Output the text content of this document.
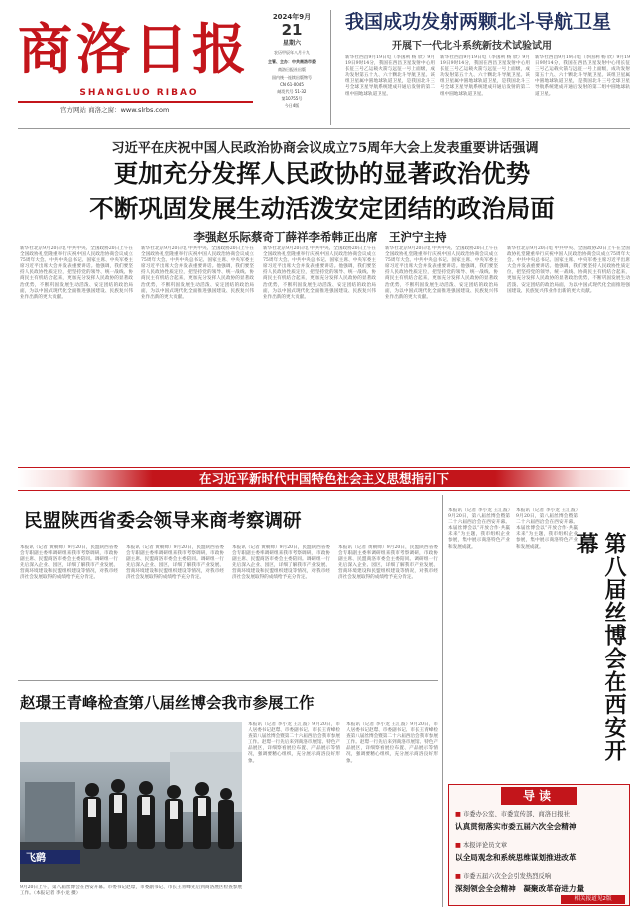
商洛日报
SHANGLUO RIBAO
官方网站 商洛之窗：www.slrbs.com
2024年9月
21
星期六
农历甲辰年八月十九
主管、主办：中共商洛市委
商洛日报社出版
国内统一连续出版物号
CN 61-0045
邮发代号 51-32
第10755号
今日4版
我国成功发射两颗北斗导航卫星
开展下一代北斗系统新技术试验试用
新华社西昌9月19日电（李国利 杨 欣）9月19日9时14分，我国在西昌卫星发射中心用长征三号乙运载火箭与远征一号上面级，成功发射第五十九、六十颗北斗导航卫星。该组卫星属中圆地球轨道卫星，是我国北斗三号全球卫星导航系统建成开通后发射的第二组中圆地球轨道卫星。
新华社西昌9月19日电（李国利 杨 欣）9月19日9时14分，我国在西昌卫星发射中心用长征三号乙运载火箭与远征一号上面级，成功发射第五十九、六十颗北斗导航卫星。该组卫星属中圆地球轨道卫星，是我国北斗三号全球卫星导航系统建成开通后发射的第二组中圆地球轨道卫星。
新华社西昌9月19日电（李国利 杨 欣）9月19日9时14分，我国在西昌卫星发射中心用长征三号乙运载火箭与远征一号上面级，成功发射第五十九、六十颗北斗导航卫星。该组卫星属中圆地球轨道卫星，是我国北斗三号全球卫星导航系统建成开通后发射的第二组中圆地球轨道卫星。
习近平在庆祝中国人民政治协商会议成立75周年大会上发表重要讲话强调
更加充分发挥人民政协的显著政治优势
不断巩固发展生动活泼安定团结的政治局面
李强赵乐际蔡奇丁薛祥李希韩正出席　王沪宁主持
新华社北京9月20日电 中共中央、全国政协20日上午在全国政协礼堂隆重举行庆祝中国人民政治协商会议成立75周年大会。中共中央总书记、国家主席、中央军委主席习近平出席大会并发表重要讲话。他强调，我们要坚持人民政协性质定位，把坚持党的领导、统一战线、协商民主有机结合起来，更加充分发挥人民政协的显著政治优势，不断巩固发展生动活泼、安定团结的政治局面，为以中国式现代化全面推进强国建设、民族复兴伟业作出新的更大贡献。
新华社北京9月20日电 中共中央、全国政协20日上午在全国政协礼堂隆重举行庆祝中国人民政治协商会议成立75周年大会。中共中央总书记、国家主席、中央军委主席习近平出席大会并发表重要讲话。他强调，我们要坚持人民政协性质定位，把坚持党的领导、统一战线、协商民主有机结合起来，更加充分发挥人民政协的显著政治优势，不断巩固发展生动活泼、安定团结的政治局面，为以中国式现代化全面推进强国建设、民族复兴伟业作出新的更大贡献。
新华社北京9月20日电 中共中央、全国政协20日上午在全国政协礼堂隆重举行庆祝中国人民政治协商会议成立75周年大会。中共中央总书记、国家主席、中央军委主席习近平出席大会并发表重要讲话。他强调，我们要坚持人民政协性质定位，把坚持党的领导、统一战线、协商民主有机结合起来，更加充分发挥人民政协的显著政治优势，不断巩固发展生动活泼、安定团结的政治局面，为以中国式现代化全面推进强国建设、民族复兴伟业作出新的更大贡献。
新华社北京9月20日电 中共中央、全国政协20日上午在全国政协礼堂隆重举行庆祝中国人民政治协商会议成立75周年大会。中共中央总书记、国家主席、中央军委主席习近平出席大会并发表重要讲话。他强调，我们要坚持人民政协性质定位，把坚持党的领导、统一战线、协商民主有机结合起来，更加充分发挥人民政协的显著政治优势，不断巩固发展生动活泼、安定团结的政治局面，为以中国式现代化全面推进强国建设、民族复兴伟业作出新的更大贡献。
新华社北京9月20日电 中共中央、全国政协20日上午在全国政协礼堂隆重举行庆祝中国人民政治协商会议成立75周年大会。中共中央总书记、国家主席、中央军委主席习近平出席大会并发表重要讲话。他强调，我们要坚持人民政协性质定位，把坚持党的领导、统一战线、协商民主有机结合起来，更加充分发挥人民政协的显著政治优势，不断巩固发展生动活泼、安定团结的政治局面，为以中国式现代化全面推进强国建设、民族复兴伟业作出新的更大贡献。
在习近平新时代中国特色社会主义思想指引下
民盟陕西省委会领导来商考察调研
本报讯（记者 黄朝帅）9月20日，民盟陕西省委会专职副主委率调研组来我市考察调研，市政协副主席、民盟商洛市委会主委陪同。调研组一行先后深入企业、园区，详细了解我市产业发展、营商环境建设和民盟组织建设等情况，对我市经济社会发展取得的成绩给予充分肯定。
本报讯（记者 黄朝帅）9月20日，民盟陕西省委会专职副主委率调研组来我市考察调研，市政协副主席、民盟商洛市委会主委陪同。调研组一行先后深入企业、园区，详细了解我市产业发展、营商环境建设和民盟组织建设等情况，对我市经济社会发展取得的成绩给予充分肯定。
本报讯（记者 黄朝帅）9月20日，民盟陕西省委会专职副主委率调研组来我市考察调研，市政协副主席、民盟商洛市委会主委陪同。调研组一行先后深入企业、园区，详细了解我市产业发展、营商环境建设和民盟组织建设等情况，对我市经济社会发展取得的成绩给予充分肯定。
本报讯（记者 黄朝帅）9月20日，民盟陕西省委会专职副主委率调研组来我市考察调研，市政协副主席、民盟商洛市委会主委陪同。调研组一行先后深入企业、园区，详细了解我市产业发展、营商环境建设和民盟组织建设等情况，对我市经济社会发展取得的成绩给予充分肯定。
赵璟王青峰检查第八届丝博会我市参展工作
飞鹞
9月20日上午，第八届丝博会在西安开幕。市委书记赵璟，市委副书记、市长王青峰先后到商洛展区检查参展工作。（本报记者 李小龙 摄）
本报讯（记者 李小龙 王汇波）9月20日，市人居委书记赵璟、市委副书记、市长王青峰检查第八届丝博会暨第二十六届西洽会我市参展工作。赵璟一行先后来到商洛市展馆、特色产品展区，详细察看展位布置、产品展示等情况，强调要精心组织，充分展示商洛良好形象。
本报讯（记者 李小龙 王汇波）9月20日，市人居委书记赵璟、市委副书记、市长王青峰检查第八届丝博会暨第二十六届西洽会我市参展工作。赵璟一行先后来到商洛市展馆、特色产品展区，详细察看展位布置、产品展示等情况，强调要精心组织，充分展示商洛良好形象。
本报讯（记者 李小龙 王汇波）9月20日，第八届丝博会暨第二十六届西洽会在西安开幕。本届丝博会以“开放合作·共赢未来”为主题，我市组织企业参展，集中展示商洛特色产业和发展成就。
本报讯（记者 李小龙 王汇波）9月20日，第八届丝博会暨第二十六届西洽会在西安开幕。本届丝博会以“开放合作·共赢未来”为主题，我市组织企业参展，集中展示商洛特色产业和发展成就。	第八届丝博会在西安开幕
导读
■ 市委办公室、市委宣传部、商洛日报社
认真贯彻落实市委五届六次全会精神
■ 本报评论员文章
以全局观念和系统思维谋划推进改革
■ 市委五届六次全会引发热烈反响
深刻领会全会精神　凝聚改革奋进力量
相关报道见2版
